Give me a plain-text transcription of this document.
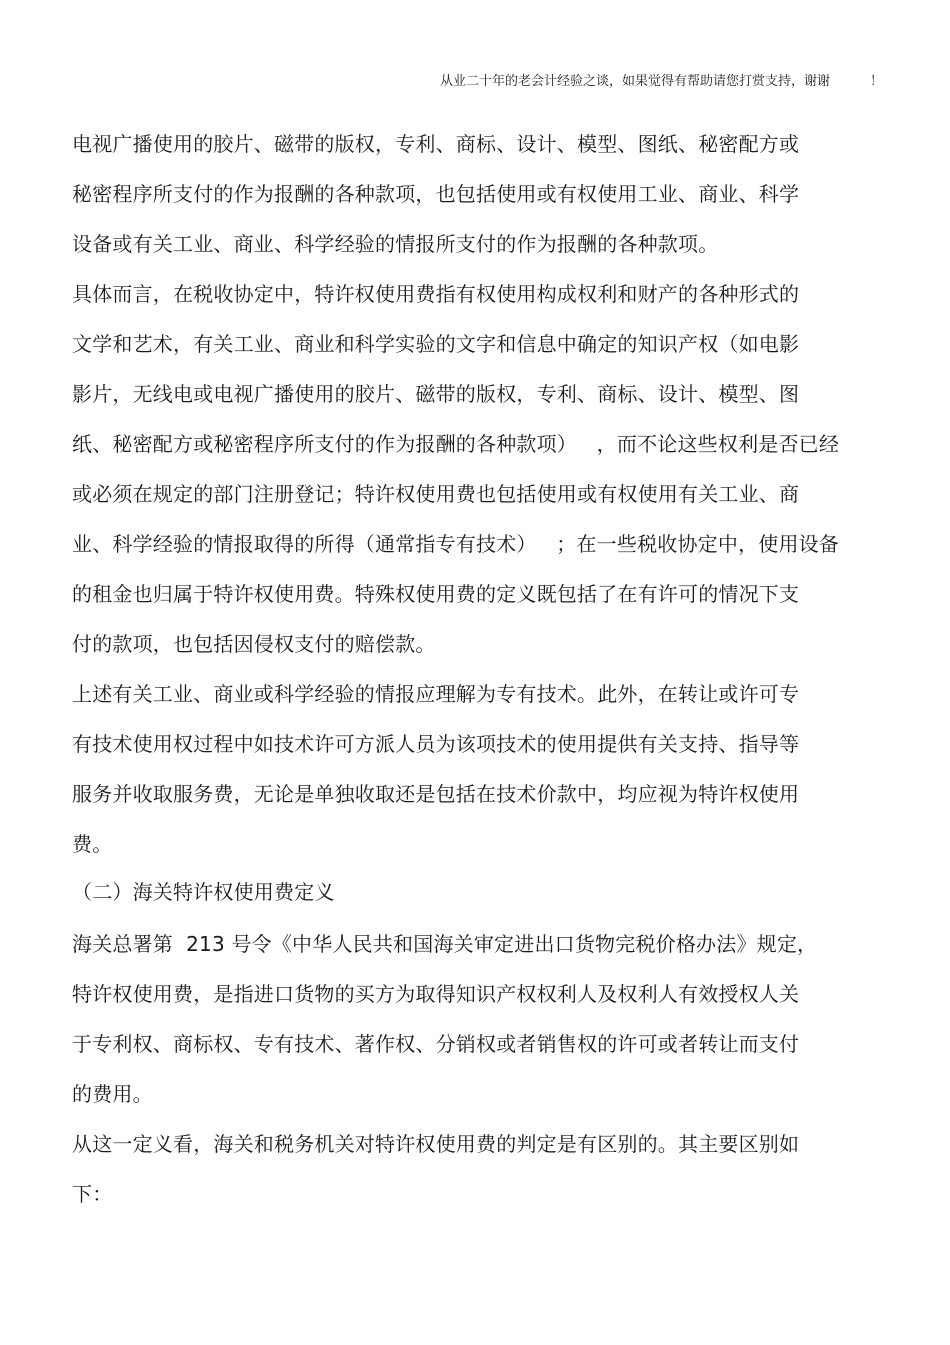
从业二十年的老会计经验之谈，如果觉得有帮助请您打赏支持，谢谢	！
电视广播使用的胶片、磁带的版权，专利、商标、设计、模型、图纸、秘密配方或
秘密程序所支付的作为报酬的各种款项，也包括使用或有权使用工业、商业、科学
设备或有关工业、商业、科学经验的情报所支付的作为报酬的各种款项。
具体而言，在税收协定中，特许权使用费指有权使用构成权利和财产的各种形式的
文学和艺术，有关工业、商业和科学实验的文字和信息中确定的知识产权（如电影
影片，无线电或电视广播使用的胶片、磁带的版权，专利、商标、设计、模型、图
纸、秘密配方或秘密程序所支付的作为报酬的各种款项）   ，而不论这些权利是否已经
或必须在规定的部门注册登记；特许权使用费也包括使用或有权使用有关工业、商
业、科学经验的情报取得的所得（通常指专有技术）   ；在一些税收协定中，使用设备
的租金也归属于特许权使用费。特殊权使用费的定义既包括了在有许可的情况下支
付的款项，也包括因侵权支付的赔偿款。
上述有关工业、商业或科学经验的情报应理解为专有技术。此外，在转让或许可专
有技术使用权过程中如技术许可方派人员为该项技术的使用提供有关支持、指导等
服务并收取服务费，无论是单独收取还是包括在技术价款中，均应视为特许权使用
费。
（二）海关特许权使用费定义
海关总署第  213 号令《中华人民共和国海关审定进出口货物完税价格办法》规定，
特许权使用费，是指进口货物的买方为取得知识产权权利人及权利人有效授权人关
于专利权、商标权、专有技术、著作权、分销权或者销售权的许可或者转让而支付
的费用。
从这一定义看，海关和税务机关对特许权使用费的判定是有区别的。其主要区别如
下：
